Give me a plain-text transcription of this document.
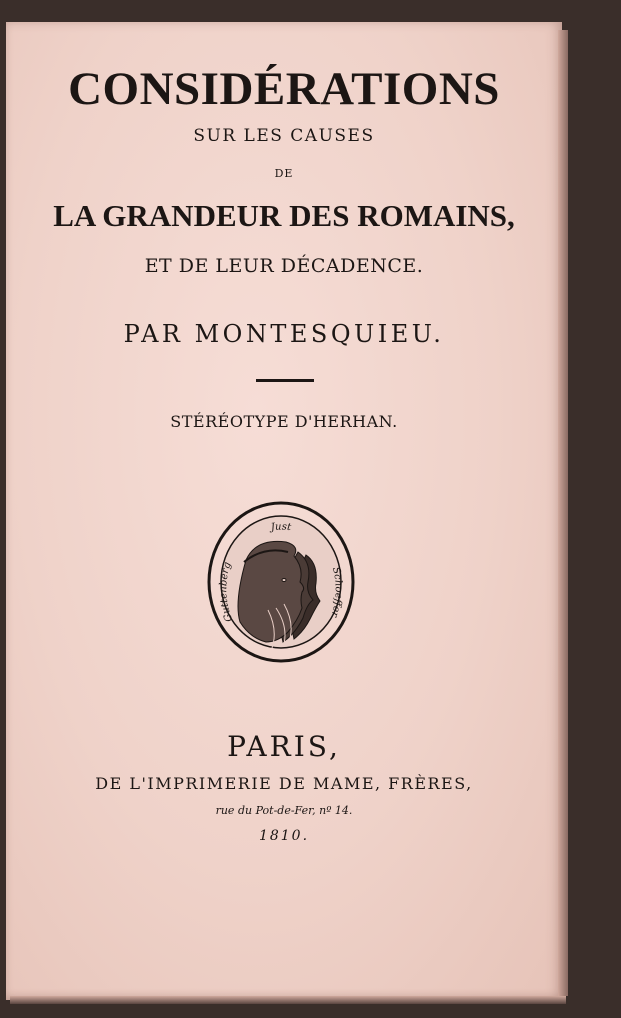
CONSIDÉRATIONS
SUR LES CAUSES
DE
LA GRANDEUR DES ROMAINS,
ET DE LEUR DÉCADENCE.
PAR MONTESQUIEU.
STÉRÉOTYPE D'HERHAN.
Just
Guttenberg
Schoeffer
PARIS,
DE L'IMPRIMERIE DE MAME, FRÈRES,
rue du Pot-de-Fer, nº 14.
1810.
